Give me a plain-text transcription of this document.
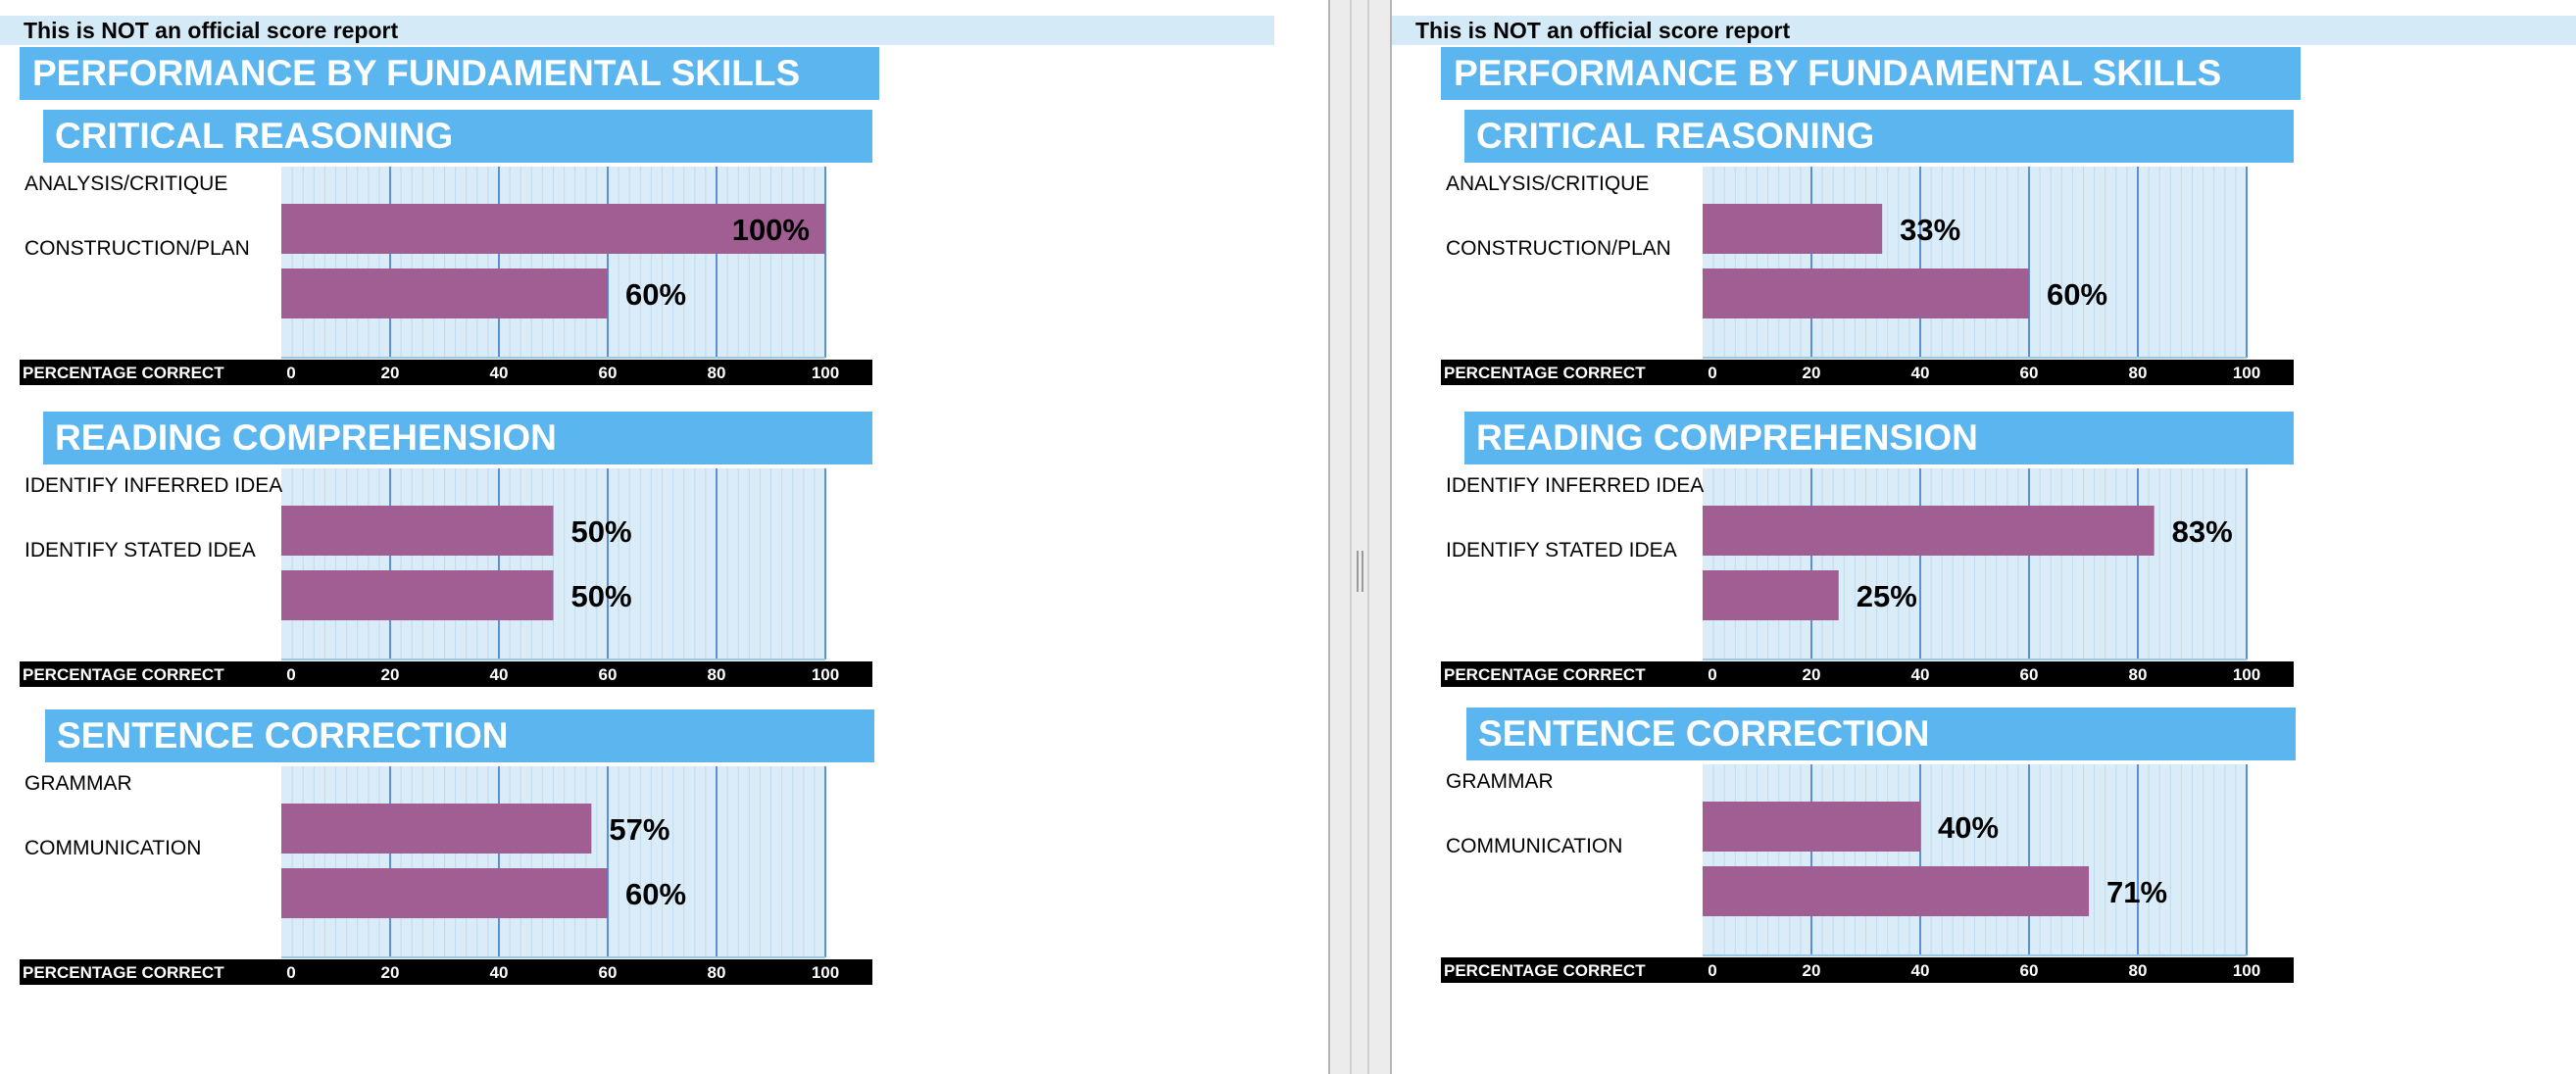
This is NOT an official score report
PERFORMANCE BY FUNDAMENTAL SKILLS
CRITICAL REASONING
ANALYSIS/CRITIQUE
100%
CONSTRUCTION/PLAN
60%
PERCENTAGE CORRECT	0	20	40	60	80	100
READING COMPREHENSION
IDENTIFY INFERRED IDEA
50%
IDENTIFY STATED IDEA
50%
PERCENTAGE CORRECT	0	20	40	60	80	100
SENTENCE CORRECTION
GRAMMAR
57%
COMMUNICATION
60%
PERCENTAGE CORRECT	0	20	40	60	80	100
This is NOT an official score report
PERFORMANCE BY FUNDAMENTAL SKILLS
CRITICAL REASONING
ANALYSIS/CRITIQUE
33%
CONSTRUCTION/PLAN
60%
PERCENTAGE CORRECT	0	20	40	60	80	100
READING COMPREHENSION
IDENTIFY INFERRED IDEA
83%
IDENTIFY STATED IDEA
25%
PERCENTAGE CORRECT	0	20	40	60	80	100
SENTENCE CORRECTION
GRAMMAR
40%
COMMUNICATION
71%
PERCENTAGE CORRECT	0	20	40	60	80	100
